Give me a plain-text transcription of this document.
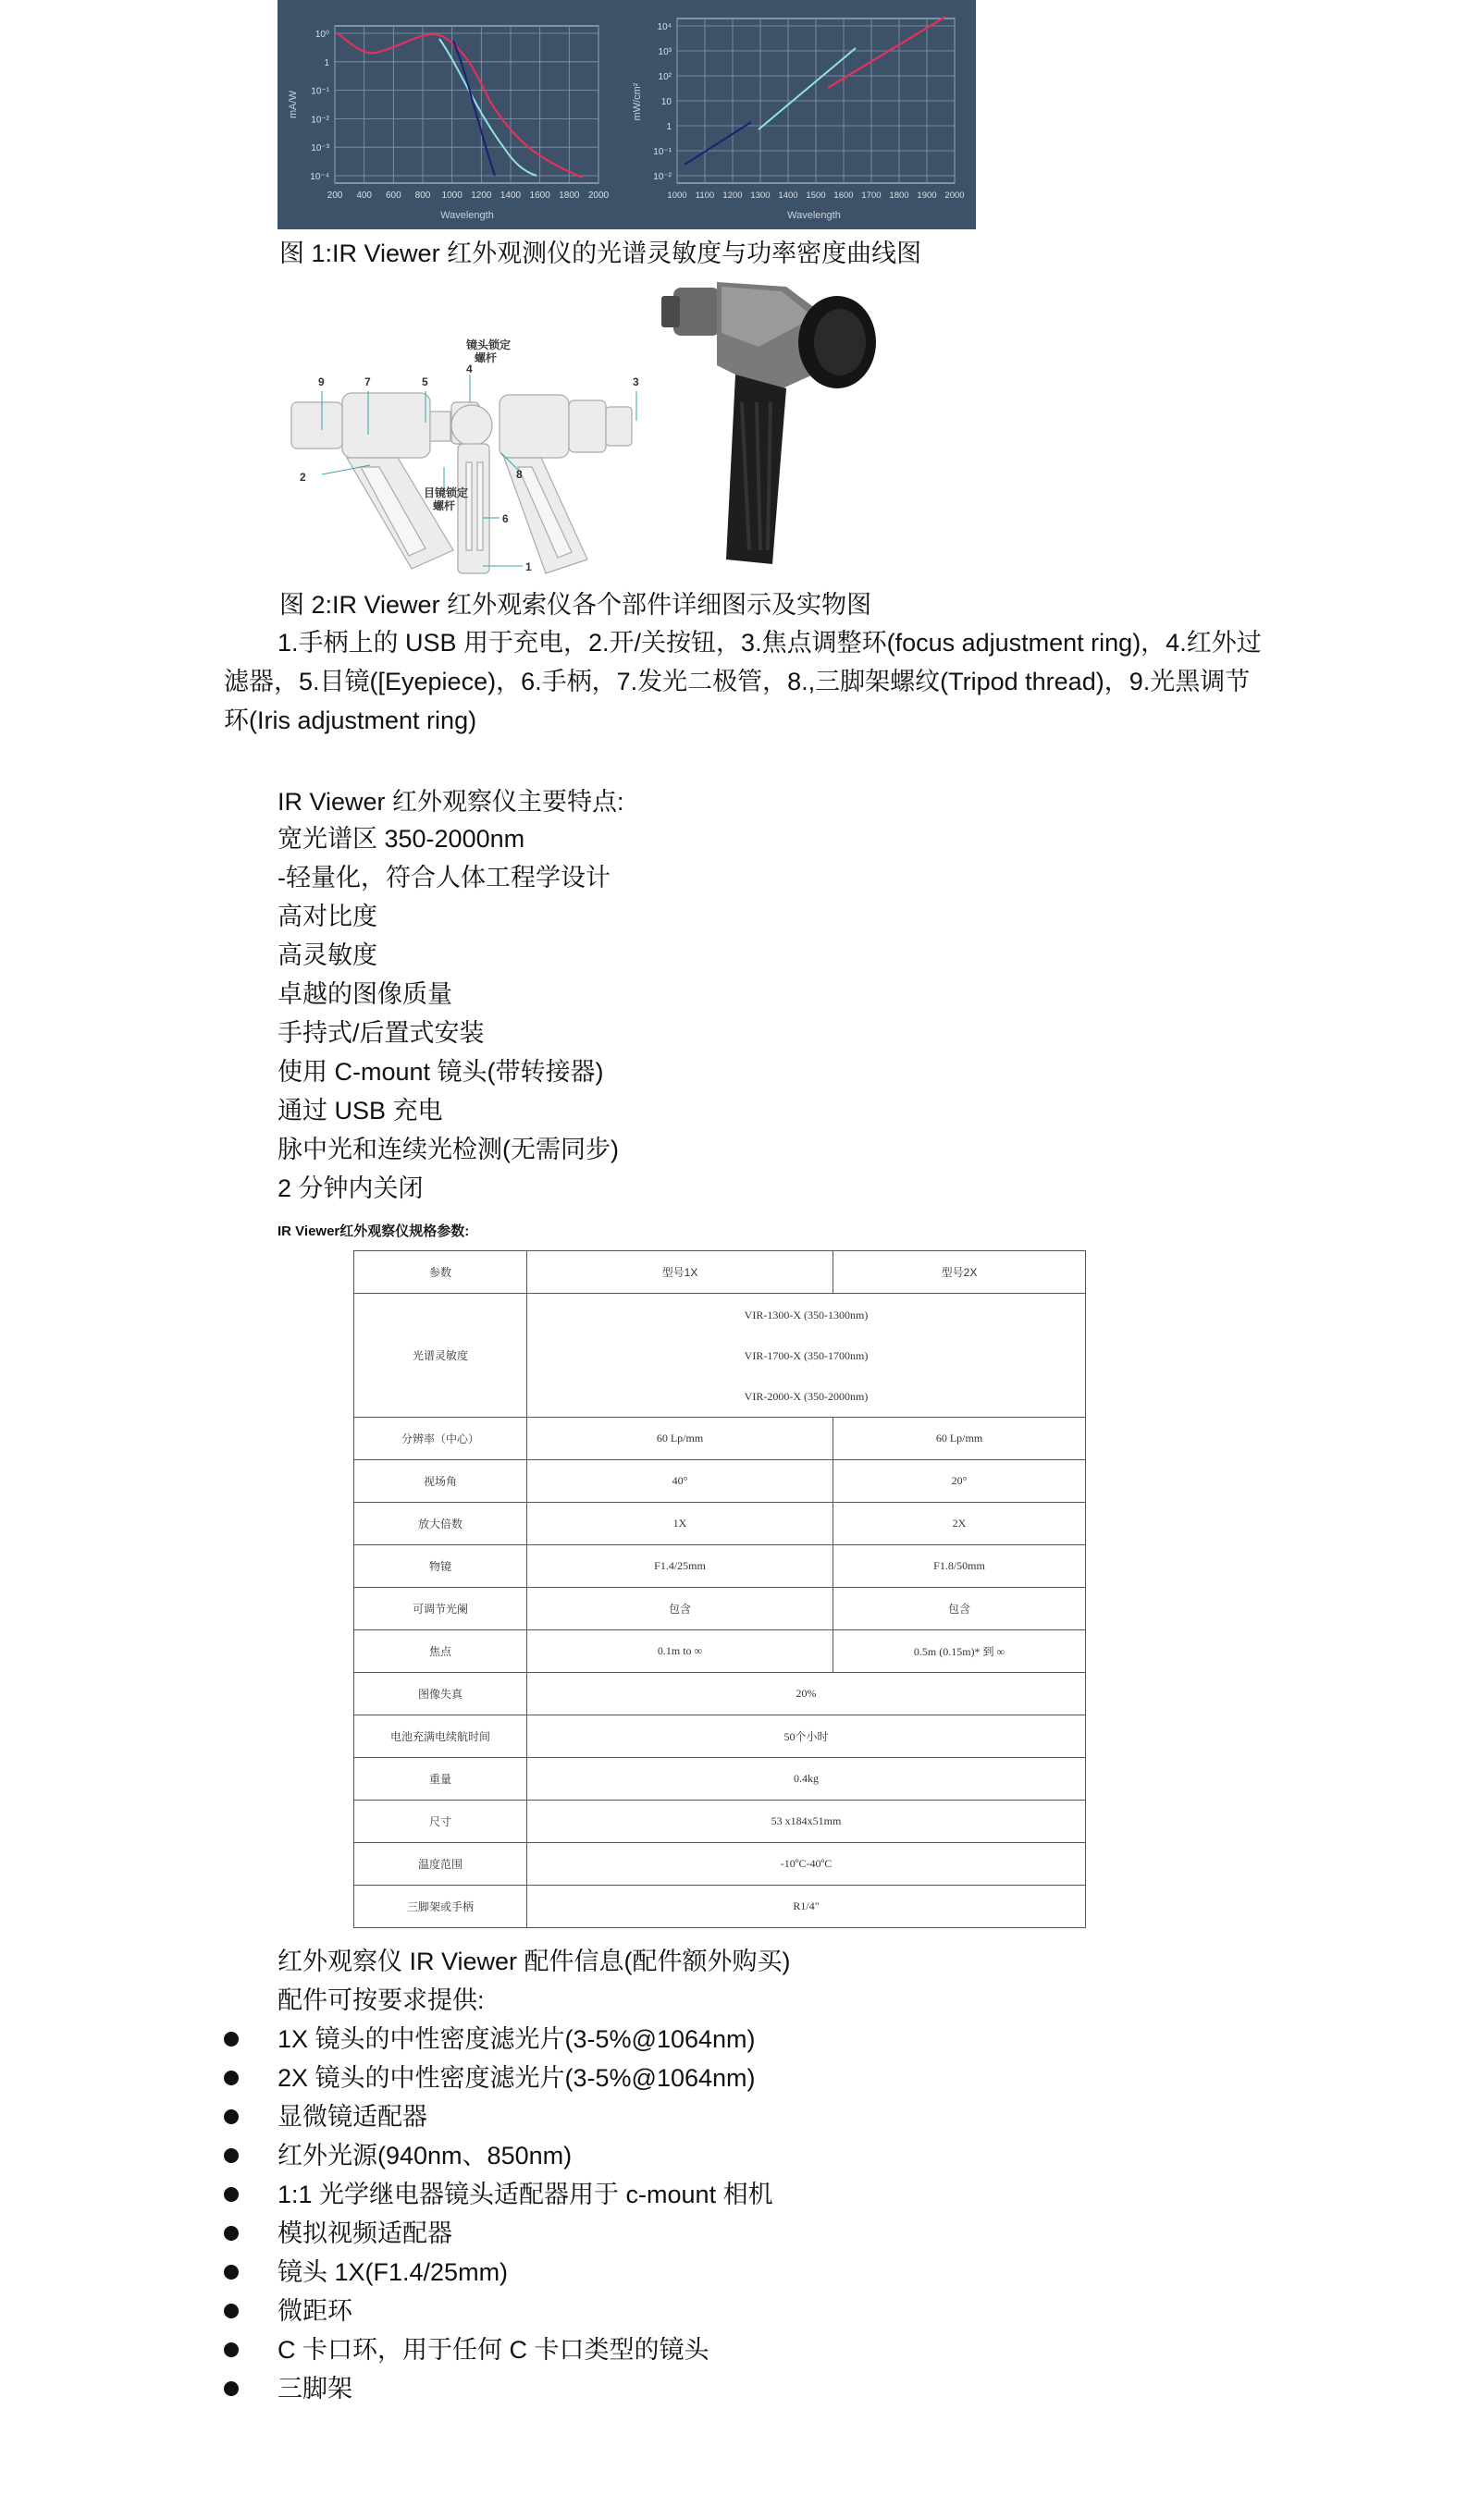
10⁰
1
10⁻¹
10⁻²
10⁻³
10⁻⁴
200 400 600 800 1000 1200 1400 1600 1800 2000
mA/W
Wavelength
10⁴
10³
10²
10
1
10⁻¹
10⁻²
1000 1100 1200 1300 1400 1500 1600 1700 1800 1900 2000
mW/cm²
Wavelength
图 1:IR Viewer 红外观测仪的光谱灵敏度与功率密度曲线图
镜头锁定
螺杆
4
9	7	5	3
2
目镜锁定
螺杆
8
6
1
图 2:IR Viewer 红外观索仪各个部件详细图示及实物图
1.手柄上的 USB 用于充电，2.开/关按钮，3.焦点调整环(focus adjustment ring)，4.红外过滤器，5.目镜([Eyepiece)，6.手柄，7.发光二极管，8.,三脚架螺纹(Tripod thread)，9.光黑调节环(Iris adjustment ring)
IR Viewer 红外观察仪主要特点:
宽光谱区 350-2000nm
-轻量化，符合人体工程学设计
高对比度
高灵敏度
卓越的图像质量
手持式/后置式安装
使用 C-mount 镜头(带转接器)
通过 USB 充电
脉中光和连续光检测(无需同步)
2 分钟内关闭
IR Viewer红外观察仪规格参数:
参数	型号1X	型号2X
光谱灵敏度	VIR-1300-X (350-1300nm)
VIR-1700-X (350-1700nm)
VIR-2000-X (350-2000nm)	

分辨率（中心）	60 Lp/mm	60 Lp/mm
视场角	40°	20°
放大倍数	1X	2X
物镜	F1.4/25mm	F1.8/50mm
可调节光阑	包含	包含
焦点	0.1m to ∞	0.5m (0.15m)* 到 ∞
图像失真	20%	
电池充满电续航时间	50个小时	
重量	0.4kg	
尺寸	53 x184x51mm	
温度范围	-10ºC-40ºC	
三脚架或手柄	R1/4"	
红外观察仪 IR Viewer 配件信息(配件额外购买)
配件可按要求提供:
1X 镜头的中性密度滤光片(3-5%@1064nm)
2X 镜头的中性密度滤光片(3-5%@1064nm)
显微镜适配器
红外光源(940nm、850nm)
1:1 光学继电器镜头适配器用于 c-mount 相机
模拟视频适配器
镜头 1X(F1.4/25mm)
微距环
C 卡口环，用于任何 C 卡口类型的镜头
三脚架
